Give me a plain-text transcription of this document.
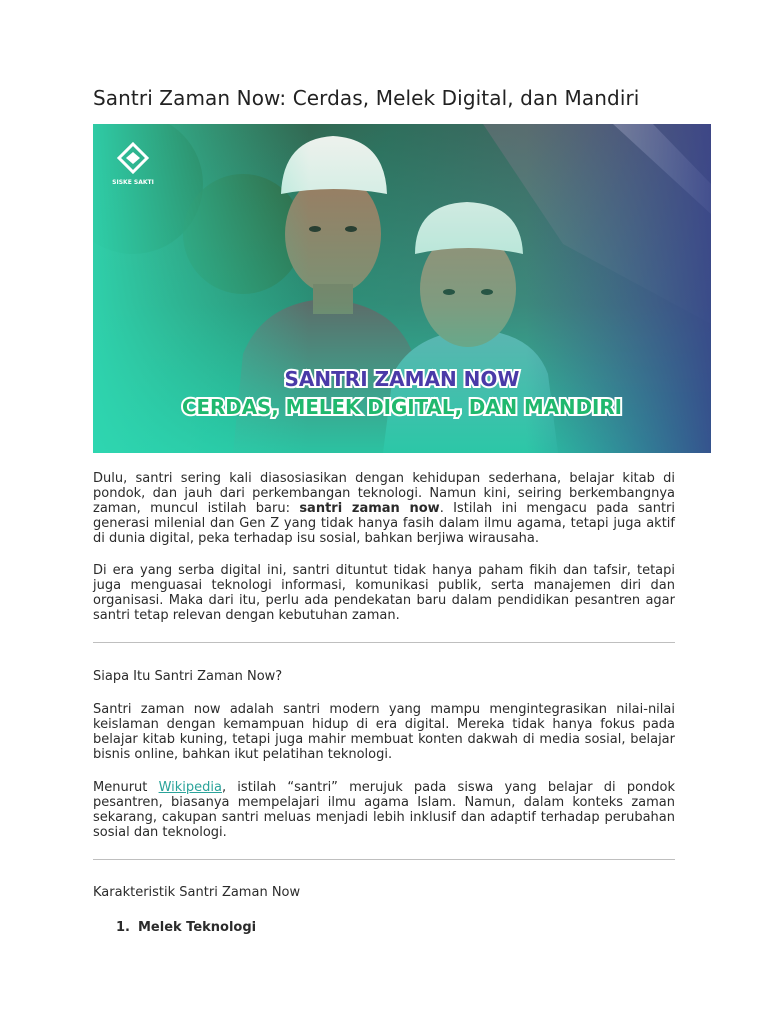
Santri Zaman Now: Cerdas, Melek Digital, dan Mandiri
SISKE SAKTI
SANTRI ZAMAN NOW
CERDAS, MELEK DIGITAL, DAN MANDIRI

Dulu, santri sering kali diasosiasikan dengan kehidupan sederhana, belajar kitab di pondok, dan jauh dari perkembangan teknologi. Namun kini, seiring berkembangnya zaman, muncul istilah baru: santri zaman now. Istilah ini mengacu pada santri generasi milenial dan Gen Z yang tidak hanya fasih dalam ilmu agama, tetapi juga aktif di dunia digital, peka terhadap isu sosial, bahkan berjiwa wirausaha.

Di era yang serba digital ini, santri dituntut tidak hanya paham fikih dan tafsir, tetapi juga menguasai teknologi informasi, komunikasi publik, serta manajemen diri dan organisasi. Maka dari itu, perlu ada pendekatan baru dalam pendidikan pesantren agar santri tetap relevan dengan kebutuhan zaman.

Siapa Itu Santri Zaman Now?

Santri zaman now adalah santri modern yang mampu mengintegrasikan nilai-nilai keislaman dengan kemampuan hidup di era digital. Mereka tidak hanya fokus pada belajar kitab kuning, tetapi juga mahir membuat konten dakwah di media sosial, belajar bisnis online, bahkan ikut pelatihan teknologi.

Menurut Wikipedia, istilah “santri” merujuk pada siswa yang belajar di pondok pesantren, biasanya mempelajari ilmu agama Islam. Namun, dalam konteks zaman sekarang, cakupan santri meluas menjadi lebih inklusif dan adaptif terhadap perubahan sosial dan teknologi.

Karakteristik Santri Zaman Now

1. Melek Teknologi
